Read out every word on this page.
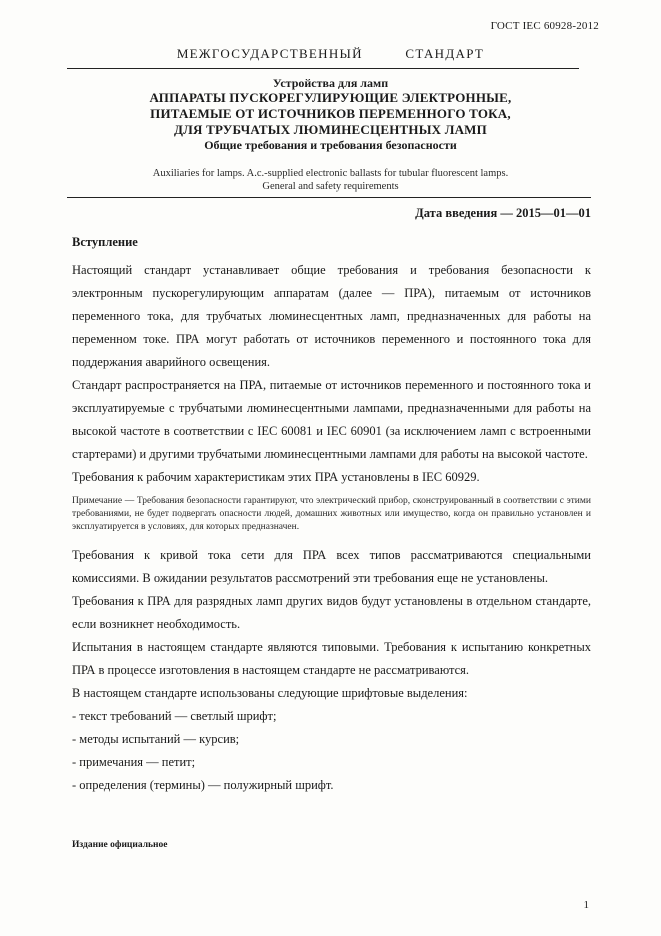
ГОСТ IEC 60928-2012
МЕЖГОСУДАРСТВЕННЫЙ СТАНДАРТ
Устройства для ламп
АППАРАТЫ ПУСКОРЕГУЛИРУЮЩИЕ ЭЛЕКТРОННЫЕ,
ПИТАЕМЫЕ ОТ ИСТОЧНИКОВ ПЕРЕМЕННОГО ТОКА,
ДЛЯ ТРУБЧАТЫХ ЛЮМИНЕСЦЕНТНЫХ ЛАМП
Общие требования и требования безопасности
Auxiliaries for lamps. A.c.-supplied electronic ballasts for tubular fluorescent lamps.
General and safety requirements
Дата введения — 2015—01—01
Вступление

Настоящий стандарт устанавливает общие требования и требования безопасности к электронным пускорегулирующим аппаратам (далее — ПРА), питаемым от источников переменного тока, для трубчатых люминесцентных ламп, предназначенных для работы на переменном токе. ПРА могут работать от источников переменного и постоянного тока для поддержания аварийного освещения.

Стандарт распространяется на ПРА, питаемые от источников переменного и постоянного тока и эксплуатируемые с трубчатыми люминесцентными лампами, предназначенными для работы на высокой частоте в соответствии с IEC 60081 и IEC 60901 (за исключением ламп с встроенными стартерами) и другими трубчатыми люминесцентными лампами для работы на высокой частоте.

Требования к рабочим характеристикам этих ПРА установлены в IEC 60929.

Примечание — Требования безопасности гарантируют, что электрический прибор, сконструированный в соответствии с этими требованиями, не будет подвергать опасности людей, домашних животных или имущество, когда он правильно установлен и эксплуатируется в условиях, для которых предназначен.

Требования к кривой тока сети для ПРА всех типов рассматриваются специальными комиссиями. В ожидании результатов рассмотрений эти требования еще не установлены.

Требования к ПРА для разрядных ламп других видов будут установлены в отдельном стандарте, если возникнет необходимость.

Испытания в настоящем стандарте являются типовыми. Требования к испытанию конкретных ПРА в процессе изготовления в настоящем стандарте не рассматриваются.

В настоящем стандарте использованы следующие шрифтовые выделения:

- текст требований — светлый шрифт;
- методы испытаний — курсив;
- примечания — петит;
- определения (термины) — полужирный шрифт.
Издание официальное
1
